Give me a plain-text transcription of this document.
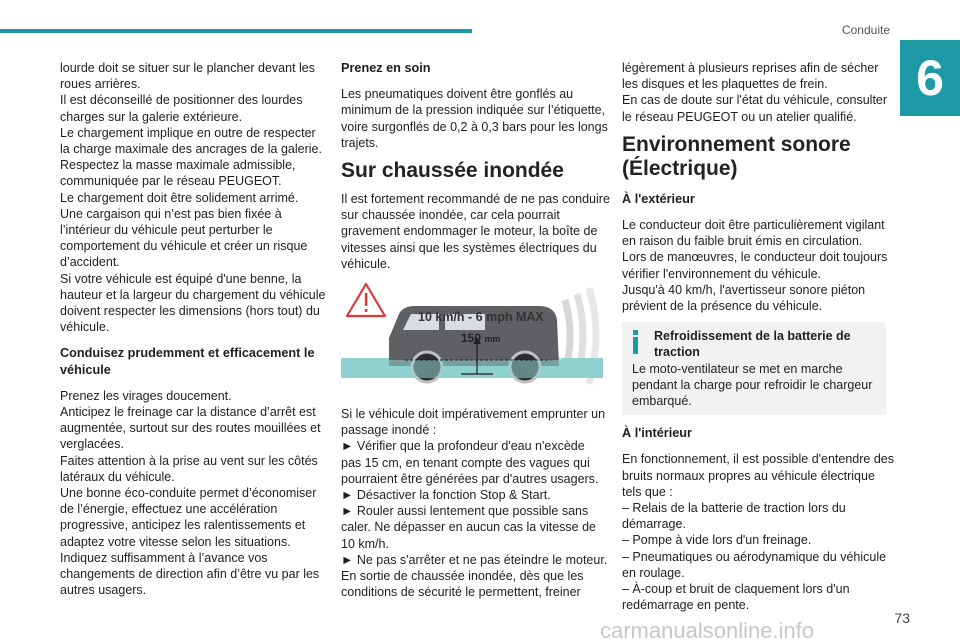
Conduite
6
lourde doit se situer sur le plancher devant les
roues arrières.
Il est déconseillé de positionner des lourdes
charges sur la galerie extérieure.
Le chargement implique en outre de respecter
la charge maximale des ancrages de la galerie.
Respectez la masse maximale admissible,
communiquée par le réseau PEUGEOT.
Le chargement doit être solidement arrimé.
Une cargaison qui n’est pas bien fixée à
l’intérieur du véhicule peut perturber le
comportement du véhicule et créer un risque
d’accident.
Si votre véhicule est équipé d'une benne, la
hauteur et la largeur du chargement du véhicule
doivent respecter les dimensions (hors tout) du
véhicule.
Conduisez prudemment et efficacement le
véhicule
Prenez les virages doucement.
Anticipez le freinage car la distance d’arrêt est
augmentée, surtout sur des routes mouillées et
verglacées.
Faites attention à la prise au vent sur les côtés
latéraux du véhicule.
Une bonne éco-conduite permet d’économiser
de l’énergie, effectuez une accélération
progressive, anticipez les ralentissements et
adaptez votre vitesse selon les situations.
Indiquez suffisamment à l’avance vos
changements de direction afin d’être vu par les
autres usagers.
Prenez en soin
Les pneumatiques doivent être gonflés au
minimum de la pression indiquée sur l’étiquette,
voire surgonflés de 0,2 à 0,3 bars pour les longs
trajets.
Sur chaussée inondée
Il est fortement recommandé de ne pas conduire
sur chaussée inondée, car cela pourrait
gravement endommager le moteur, la boîte de
vitesses ainsi que les systèmes électriques du
véhicule.
10 km/h - 6 mph MAX
150 mm
Si le véhicule doit impérativement emprunter un
passage inondé :
► Vérifier que la profondeur d'eau n'excède
pas 15 cm, en tenant compte des vagues qui
pourraient être générées par d'autres usagers.
► Désactiver la fonction Stop & Start.
► Rouler aussi lentement que possible sans
caler. Ne dépasser en aucun cas la vitesse de
10 km/h.
► Ne pas s'arrêter et ne pas éteindre le moteur.
En sortie de chaussée inondée, dès que les
conditions de sécurité le permettent, freiner
légèrement à plusieurs reprises afin de sécher
les disques et les plaquettes de frein.
En cas de doute sur l'état du véhicule, consulter
le réseau PEUGEOT ou un atelier qualifié.
Environnement sonore
(Électrique)
À l'extérieur
Le conducteur doit être particulièrement vigilant
en raison du faible bruit émis en circulation.
Lors de manœuvres, le conducteur doit toujours
vérifier l'environnement du véhicule.
Jusqu'à 40 km/h, l'avertisseur sonore piéton
prévient de la présence du véhicule.
Refroidissement de la batterie de
traction
Le moto-ventilateur se met en marche
pendant la charge pour refroidir le chargeur
embarqué.
À l'intérieur
En fonctionnement, il est possible d'entendre des
bruits normaux propres au véhicule électrique
tels que :
– Relais de la batterie de traction lors du
démarrage.
– Pompe à vide lors d'un freinage.
– Pneumatiques ou aérodynamique du véhicule
en roulage.
– À-coup et bruit de claquement lors d'un
redémarrage en pente.
73
carmanualsonline.info
